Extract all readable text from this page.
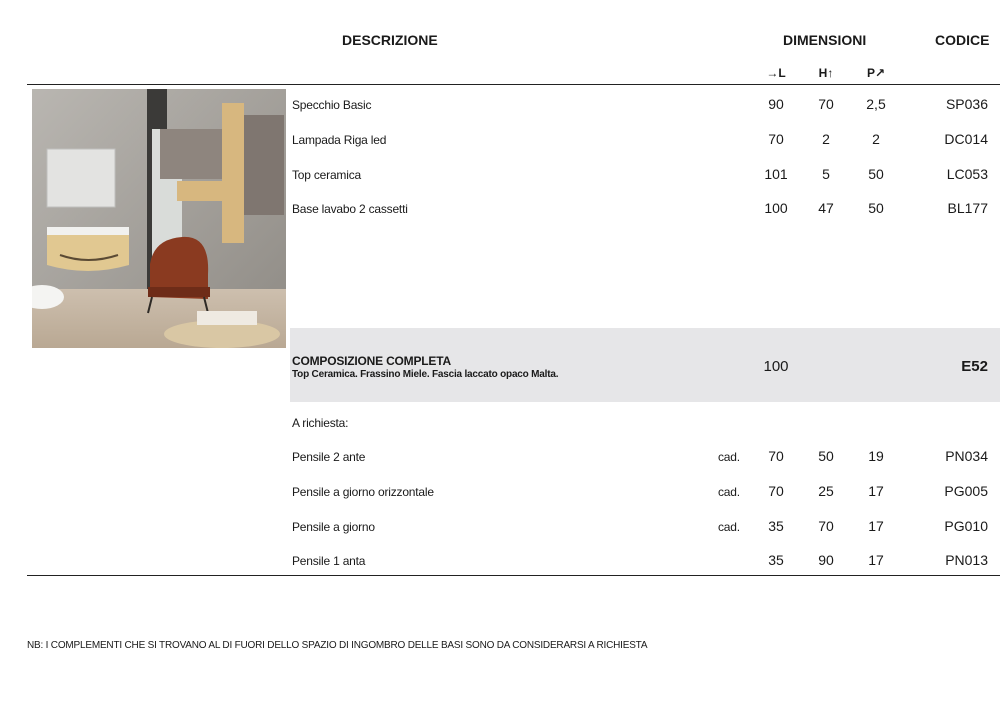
DESCRIZIONE	DIMENSIONI	CODICE
→L	H↑	P↗
Specchio Basic	90	70	2,5	SP036
Lampada Riga led	70	2	2	DC014
Top ceramica	101	5	50	LC053
Base lavabo 2 cassetti	100	47	50	BL177
COMPOSIZIONE COMPLETA
Top Ceramica. Frassino Miele. Fascia laccato opaco Malta.	100	E52
A richiesta:
Pensile 2 ante	cad.	70	50	19	PN034
Pensile a giorno orizzontale	cad.	70	25	17	PG005
Pensile a giorno	cad.	35	70	17	PG010
Pensile 1 anta	35	90	17	PN013
NB: I COMPLEMENTI CHE SI TROVANO AL DI FUORI DELLO SPAZIO DI INGOMBRO DELLE BASI SONO DA CONSIDERARSI A RICHIESTA
